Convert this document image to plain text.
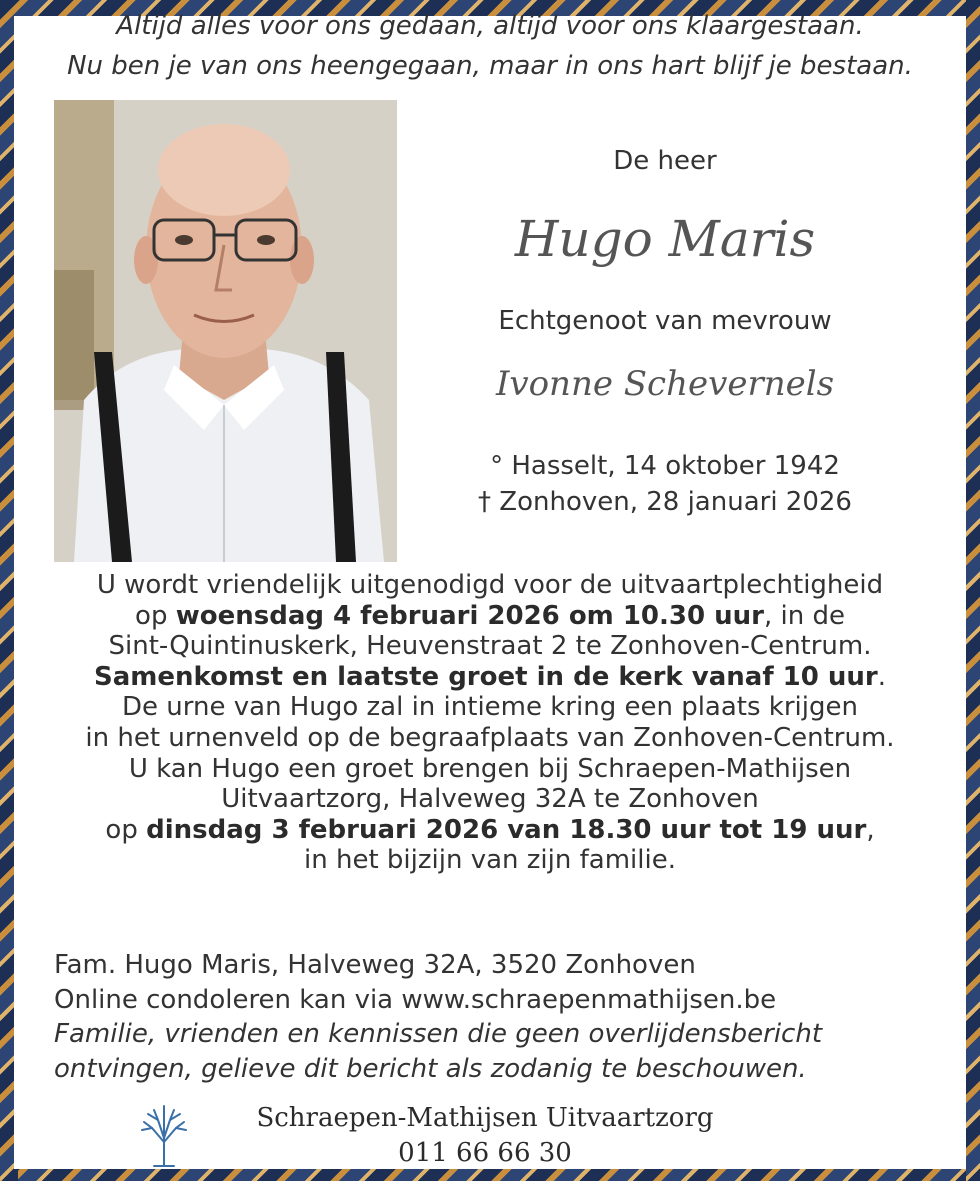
Altijd alles voor ons gedaan, altijd voor ons klaargestaan.
Nu ben je van ons heengegaan, maar in ons hart blijf je bestaan.
De heer
Hugo Maris
Echtgenoot van mevrouw
Ivonne Schevernels
° Hasselt, 14 oktober 1942
† Zonhoven, 28 januari 2026
U wordt vriendelijk uitgenodigd voor de uitvaartplechtigheid
op woensdag 4 februari 2026 om 10.30 uur, in de
Sint-Quintinuskerk, Heuvenstraat 2 te Zonhoven-Centrum.
Samenkomst en laatste groet in de kerk vanaf 10 uur.
De urne van Hugo zal in intieme kring een plaats krijgen
in het urnenveld op de begraafplaats van Zonhoven-Centrum.
U kan Hugo een groet brengen bij Schraepen-Mathijsen
Uitvaartzorg, Halveweg 32A te Zonhoven
op dinsdag 3 februari 2026 van 18.30 uur tot 19 uur,
in het bijzijn van zijn familie.
Fam. Hugo Maris, Halveweg 32A, 3520 Zonhoven
Online condoleren kan via www.schraepenmathijsen.be
Familie, vrienden en kennissen die geen overlijdensbericht
ontvingen, gelieve dit bericht als zodanig te beschouwen.
Schraepen-Mathijsen Uitvaartzorg
011 66 66 30
